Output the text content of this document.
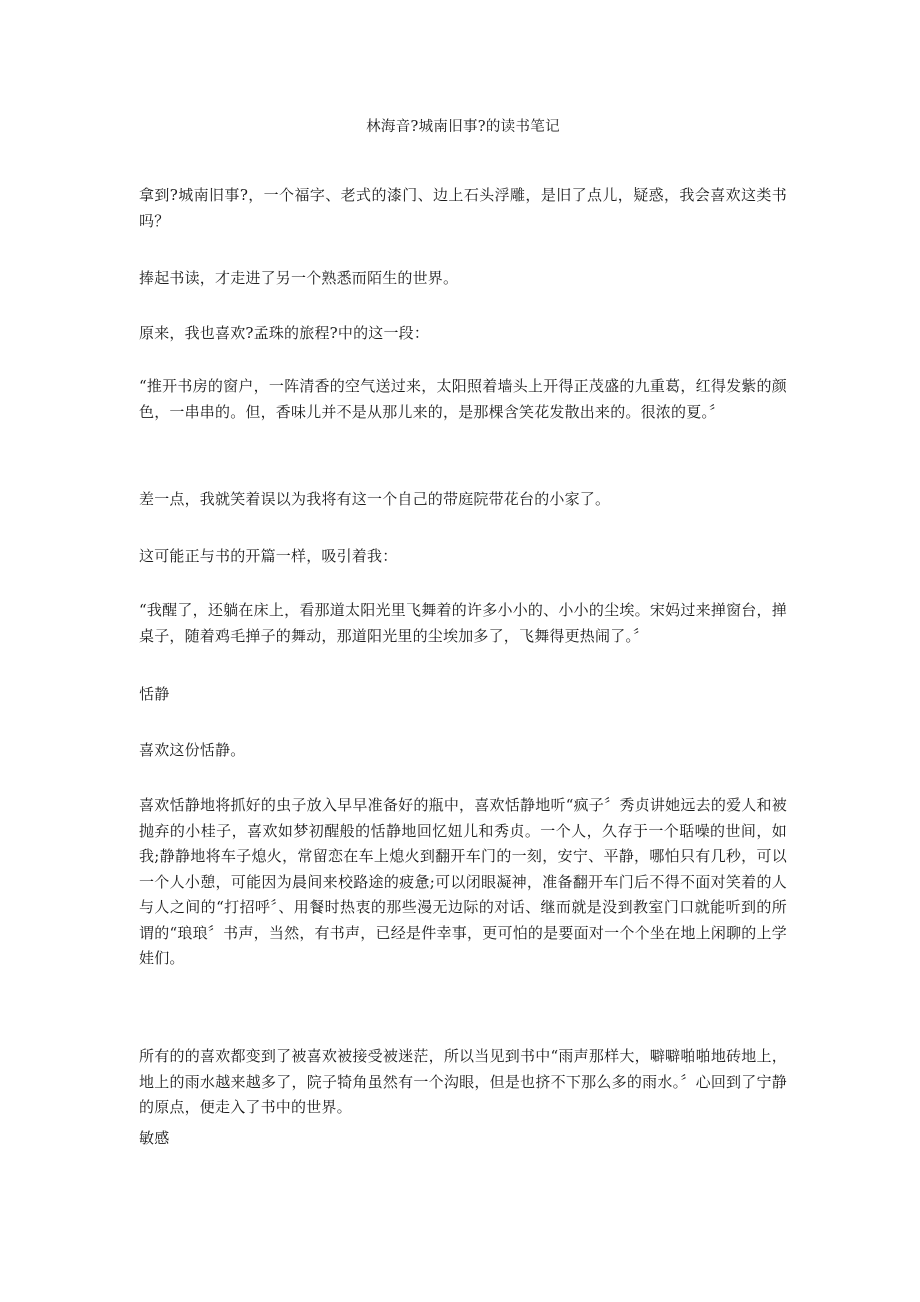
林海音?城南旧事?的读书笔记

拿到?城南旧事?，一个福字、老式的漆门、边上石头浮雕，是旧了点儿，疑惑，我会喜欢这类书吗？

捧起书读，才走进了另一个熟悉而陌生的世界。

原来，我也喜欢?孟珠的旅程?中的这一段：

“推开书房的窗户，一阵清香的空气送过来，太阳照着墙头上开得正茂盛的九重葛，红得发紫的颜色，一串串的。但，香味儿并不是从那儿来的，是那棵含笑花发散出来的。很浓的夏。〞

差一点，我就笑着误以为我将有这一个自己的带庭院带花台的小家了。

这可能正与书的开篇一样，吸引着我：

“我醒了，还躺在床上，看那道太阳光里飞舞着的许多小小的、小小的尘埃。宋妈过来掸窗台，掸桌子，随着鸡毛掸子的舞动，那道阳光里的尘埃加多了，飞舞得更热闹了。〞

恬静

喜欢这份恬静。

喜欢恬静地将抓好的虫子放入早早准备好的瓶中，喜欢恬静地听“疯子〞秀贞讲她远去的爱人和被抛弃的小桂子，喜欢如梦初醒般的恬静地回忆妞儿和秀贞。一个人，久存于一个聒噪的世间，如我;静静地将车子熄火，常留恋在车上熄火到翻开车门的一刻，安宁、平静，哪怕只有几秒，可以一个人小憩，可能因为晨间来校路途的疲惫;可以闭眼凝神，准备翻开车门后不得不面对笑着的人与人之间的“打招呼〞、用餐时热衷的那些漫无边际的对话、继而就是没到教室门口就能听到的所谓的“琅琅〞书声，当然，有书声，已经是件幸事，更可怕的是要面对一个个坐在地上闲聊的上学娃们。

所有的的喜欢都变到了被喜欢被接受被迷茫，所以当见到书中“雨声那样大，噼噼啪啪地砖地上，地上的雨水越来越多了，院子犄角虽然有一个沟眼，但是也挤不下那么多的雨水。〞心回到了宁静的原点，便走入了书中的世界。

敏感
